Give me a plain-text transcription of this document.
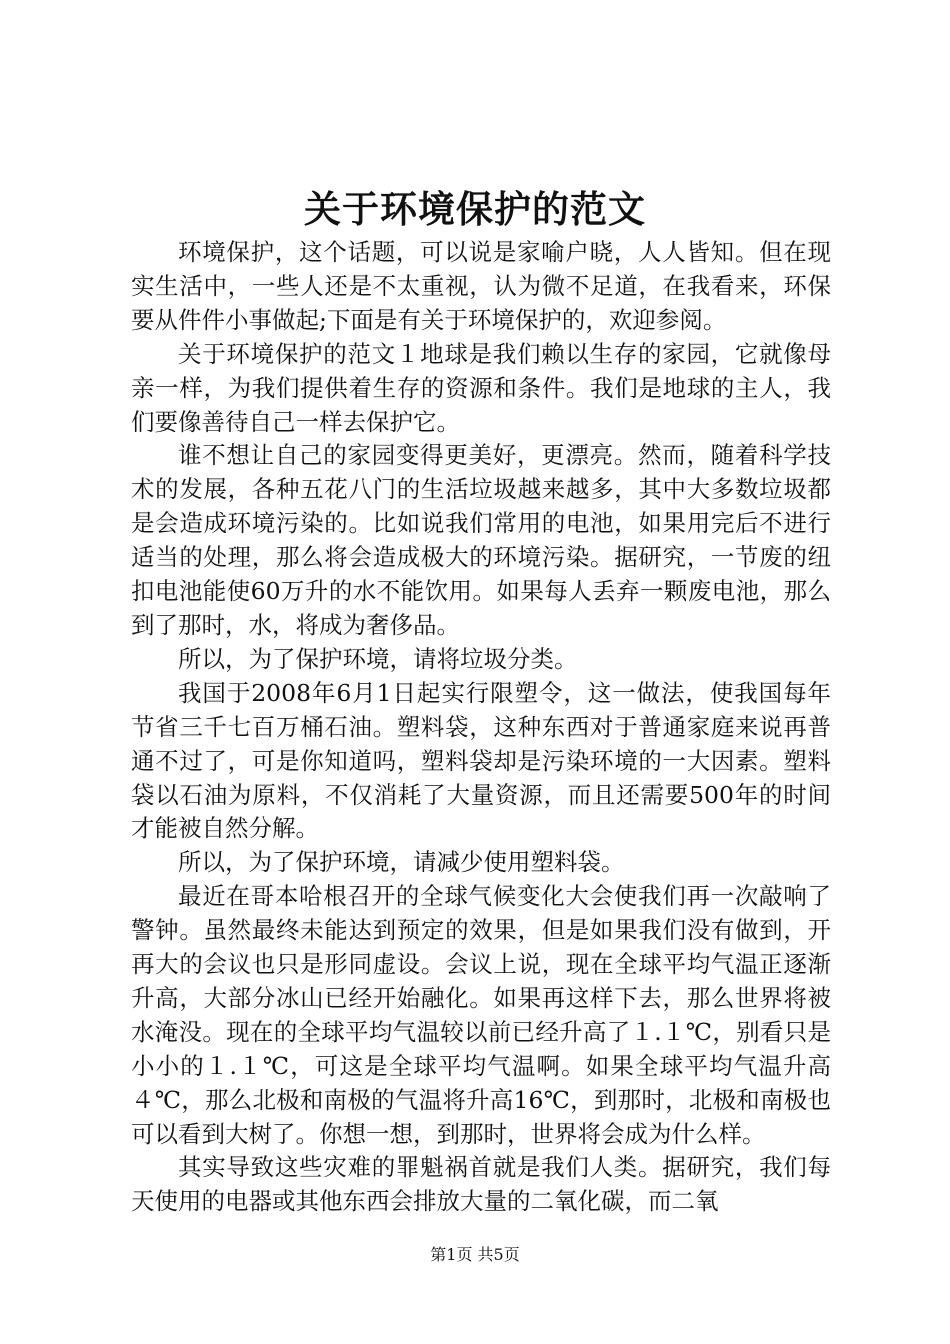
关于环境保护的范文

环境保护，这个话题，可以说是家喻户晓，人人皆知。但在现实生活中，一些人还是不太重视，认为微不足道，在我看来，环保要从件件小事做起;下面是有关于环境保护的，欢迎参阅。

关于环境保护的范文１地球是我们赖以生存的家园，它就像母亲一样，为我们提供着生存的资源和条件。我们是地球的主人，我们要像善待自己一样去保护它。

谁不想让自己的家园变得更美好，更漂亮。然而，随着科学技术的发展，各种五花八门的生活垃圾越来越多，其中大多数垃圾都是会造成环境污染的。比如说我们常用的电池，如果用完后不进行适当的处理，那么将会造成极大的环境污染。据研究，一节废的纽扣电池能使60万升的水不能饮用。如果每人丢弃一颗废电池，那么到了那时，水，将成为奢侈品。

所以，为了保护环境，请将垃圾分类。

我国于2008年6月1日起实行限塑令，这一做法，使我国每年节省三千七百万桶石油。塑料袋，这种东西对于普通家庭来说再普通不过了，可是你知道吗，塑料袋却是污染环境的一大因素。塑料袋以石油为原料，不仅消耗了大量资源，而且还需要500年的时间才能被自然分解。

所以，为了保护环境，请减少使用塑料袋。

最近在哥本哈根召开的全球气候变化大会使我们再一次敲响了警钟。虽然最终未能达到预定的效果，但是如果我们没有做到，开再大的会议也只是形同虚设。会议上说，现在全球平均气温正逐渐升高，大部分冰山已经开始融化。如果再这样下去，那么世界将被水淹没。现在的全球平均气温较以前已经升高了１.１℃，别看只是小小的１.１℃，可这是全球平均气温啊。如果全球平均气温升高４℃，那么北极和南极的气温将升高16℃，到那时，北极和南极也可以看到大树了。你想一想，到那时，世界将会成为什么样。

其实导致这些灾难的罪魁祸首就是我们人类。据研究，我们每天使用的电器或其他东西会排放大量的二氧化碳，而二氧

第1页 共5页
